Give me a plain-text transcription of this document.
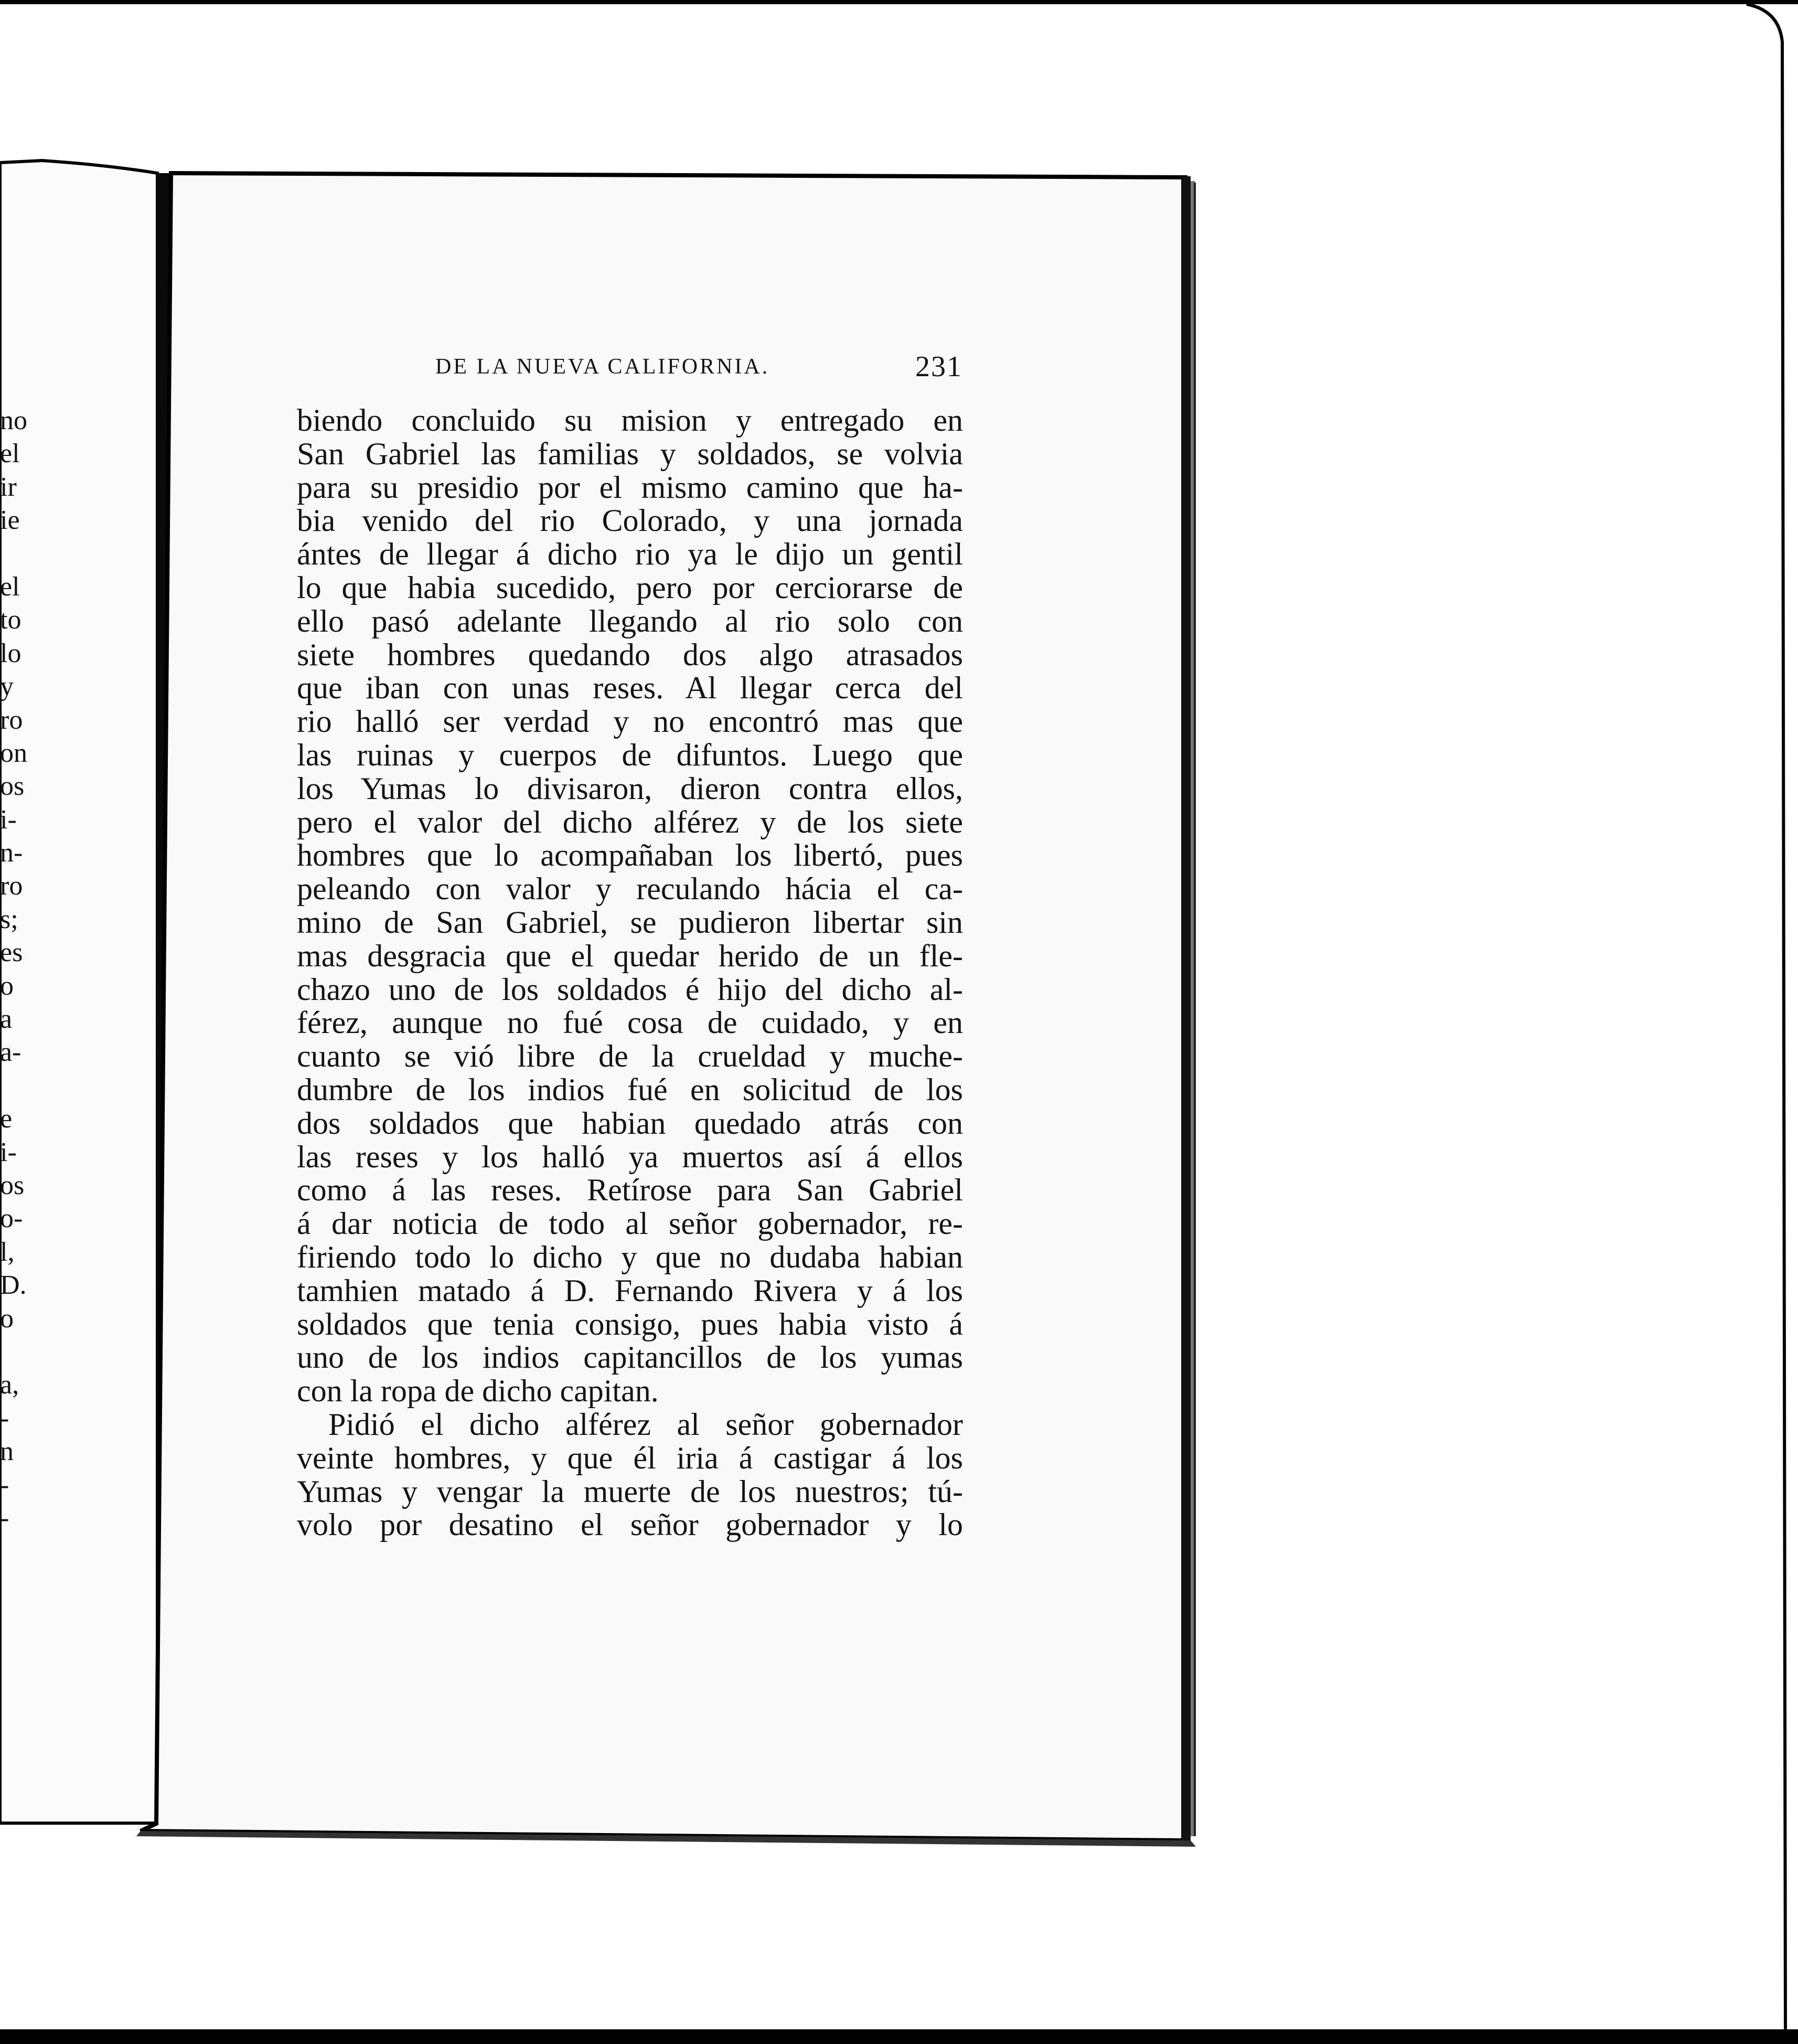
no
el
ir
ie
el
to
lo
y
ro
on
os
i-
n-
ro
s;
es
o
a
a-
e
i-
os
o-
l,
D.
o
a,
-
n
-
-
DE LA NUEVA CALIFORNIA.	231
biendo concluido su mision y entregado en
San Gabriel las familias y soldados, se volvia
para su presidio por el mismo camino que ha-
bia venido del rio Colorado, y una jornada
ántes de llegar á dicho rio ya le dijo un gentil
lo que habia sucedido, pero por cerciorarse de
ello pasó adelante llegando al rio solo con
siete hombres quedando dos algo atrasados
que iban con unas reses. Al llegar cerca del
rio halló ser verdad y no encontró mas que
las ruinas y cuerpos de difuntos. Luego que
los Yumas lo divisaron, dieron contra ellos,
pero el valor del dicho alférez y de los siete
hombres que lo acompañaban los libertó, pues
peleando con valor y reculando hácia el ca-
mino de San Gabriel, se pudieron libertar sin
mas desgracia que el quedar herido de un fle-
chazo uno de los soldados é hijo del dicho al-
férez, aunque no fué cosa de cuidado, y en
cuanto se vió libre de la crueldad y muche-
dumbre de los indios fué en solicitud de los
dos soldados que habian quedado atrás con
las reses y los halló ya muertos así á ellos
como á las reses. Retírose para San Gabriel
á dar noticia de todo al señor gobernador, re-
firiendo todo lo dicho y que no dudaba habian
tamhien matado á D. Fernando Rivera y á los
soldados que tenia consigo, pues habia visto á
uno de los indios capitancillos de los yumas
con la ropa de dicho capitan.
Pidió el dicho alférez al señor gobernador
veinte hombres, y que él iria á castigar á los
Yumas y vengar la muerte de los nuestros; tú-
volo por desatino el señor gobernador y lo
